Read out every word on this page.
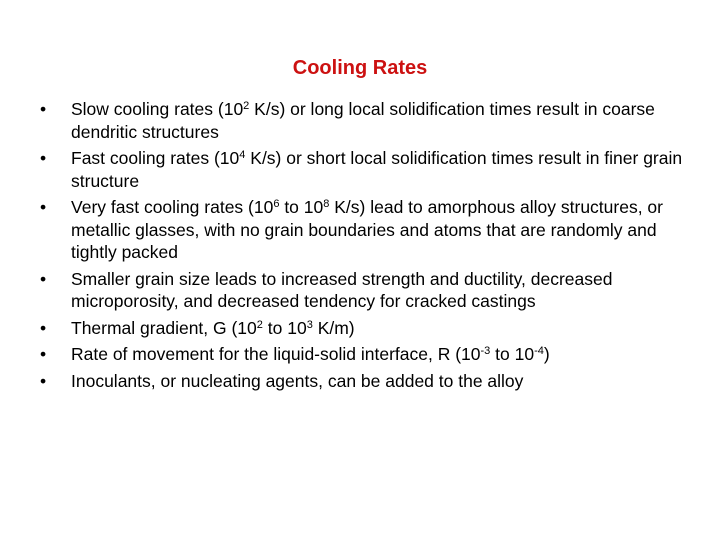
Cooling Rates
• Slow cooling rates ($10^2$ K/s) or long local solidification times result in coarse dendritic structures
• Fast cooling rates ($10^4$ K/s) or short local solidification times result in finer grain structure
• Very fast cooling rates ($10^6$ to $10^8$ K/s) lead to amorphous alloy structures, or metallic glasses, with no grain boundaries and atoms that are randomly and tightly packed
• Smaller grain size leads to increased strength and ductility, decreased microporosity, and decreased tendency for cracked castings
• Thermal gradient, G ($10^2$ to $10^3$ K/m)
• Rate of movement for the liquid-solid interface, R ($10^{-3}$ to $10^{-4}$)
• Inoculants, or nucleating agents, can be added to the alloy
